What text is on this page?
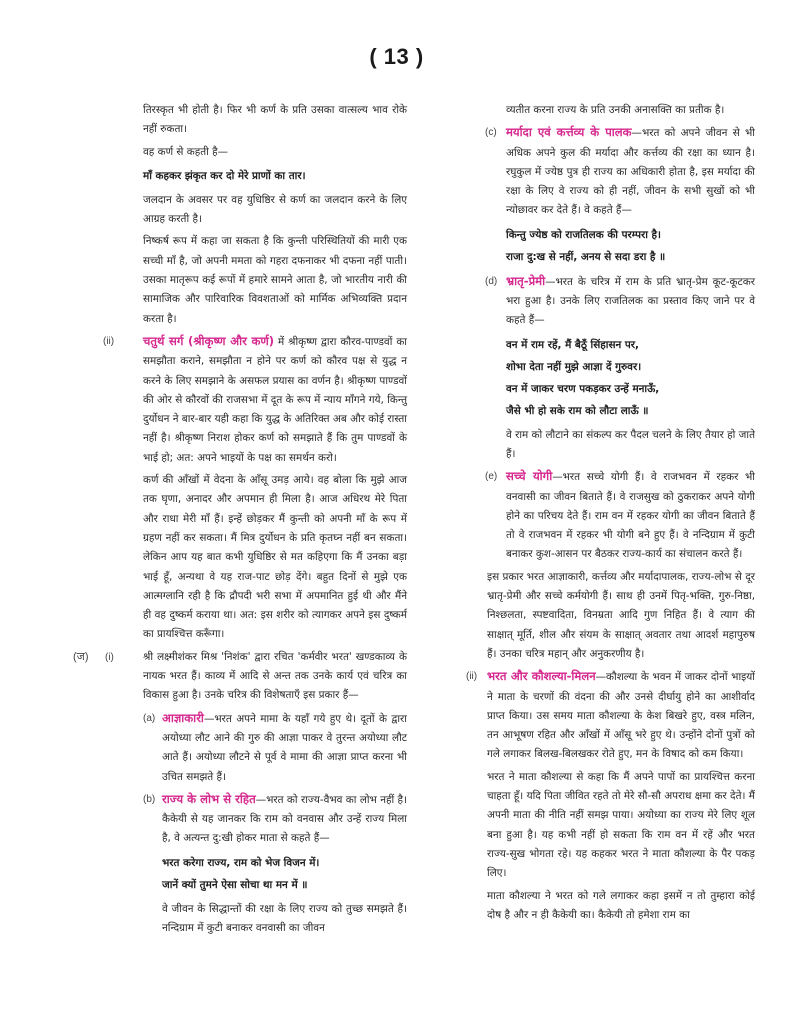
( 13 )

तिरस्कृत भी होती है। फिर भी कर्ण के प्रति उसका वात्सल्य भाव रोके नहीं रुकता।

वह कर्ण से कहती है—

माँ कहकर झंकृत कर दो मेरे प्राणों का तार।

जलदान के अवसर पर वह युधिष्ठिर से कर्ण का जलदान करने के लिए आग्रह करती है।

निष्कर्ष रूप में कहा जा सकता है कि कुन्ती परिस्थितियों की मारी एक सच्ची माँ है, जो अपनी ममता को गहरा दफनाकर भी दफना नहीं पाती। उसका मातृरूप कई रूपों में हमारे सामने आता है, जो भारतीय नारी की सामाजिक और पारिवारिक विवशताओं को मार्मिक अभिव्यक्ति प्रदान करता है।

(ii) चतुर्थ सर्ग (श्रीकृष्ण और कर्ण) में श्रीकृष्ण द्वारा कौरव-पाण्डवों का समझौता कराने, समझौता न होने पर कर्ण को कौरव पक्ष से युद्ध न करने के लिए समझाने के असफल प्रयास का वर्णन है। श्रीकृष्ण पाण्डवों की ओर से कौरवों की राजसभा में दूत के रूप में न्याय माँगने गये, किन्तु दुर्योधन ने बार-बार यही कहा कि युद्ध के अतिरिक्त अब और कोई रास्ता नहीं है। श्रीकृष्ण निराश होकर कर्ण को समझाते हैं कि तुम पाण्डवों के भाई हो; अत: अपने भाइयों के पक्ष का समर्थन करो।

कर्ण की आँखों में वेदना के आँसू उमड़ आये। वह बोला कि मुझे आज तक घृणा, अनादर और अपमान ही मिला है। आज अधिरथ मेरे पिता और राधा मेरी माँ हैं। इन्हें छोड़कर मैं कुन्ती को अपनी माँ के रूप में ग्रहण नहीं कर सकता। मैं मित्र दुर्योधन के प्रति कृतघ्न नहीं बन सकता। लेकिन आप यह बात कभी युधिष्ठिर से मत कहिएगा कि मैं उनका बड़ा भाई हूँ, अन्यथा वे यह राज-पाट छोड़ देंगे। बहुत दिनों से मुझे एक आत्मग्लानि रही है कि द्रौपदी भरी सभा में अपमानित हुई थी और मैंने ही वह दुष्कर्म कराया था। अत: इस शरीर को त्यागकर अपने इस दुष्कर्म का प्रायश्चित्त करूँगा।

(ज) (i)	श्री लक्ष्मीशंकर मिश्र 'निशंक' द्वारा रचित 'कर्मवीर भरत' खण्डकाव्य के नायक भरत हैं। काव्य में आदि से अन्त तक उनके कार्य एवं चरित्र का विकास हुआ है। उनके चरित्र की विशेषताएँ इस प्रकार हैं—

(a) आज्ञाकारी—भरत अपने मामा के यहाँ गये हुए थे। दूतों के द्वारा अयोध्या लौट आने की गुरु की आज्ञा पाकर वे तुरन्त अयोध्या लौट आते हैं। अयोध्या लौटने से पूर्व वे मामा की आज्ञा प्राप्त करना भी उचित समझते हैं।

(b) राज्य के लोभ से रहित—भरत को राज्य-वैभव का लोभ नहीं है। कैकेयी से यह जानकर कि राम को वनवास और उन्हें राज्य मिला है, वे अत्यन्त दु:खी होकर माता से कहते हैं—

भरत करेगा राज्य, राम को भेज विजन में।
जानें क्यों तुमने ऐसा सोचा था मन में ॥

वे जीवन के सिद्धान्तों की रक्षा के लिए राज्य को तुच्छ समझते हैं। नन्दिग्राम में कुटी बनाकर वनवासी का जीवन

व्यतीत करना राज्य के प्रति उनकी अनासक्ति का प्रतीक है।

(c) मर्यादा एवं कर्त्तव्य के पालक—भरत को अपने जीवन से भी अधिक अपने कुल की मर्यादा और कर्त्तव्य की रक्षा का ध्यान है। रघुकुल में ज्येष्ठ पुत्र ही राज्य का अधिकारी होता है, इस मर्यादा की रक्षा के लिए वे राज्य को ही नहीं, जीवन के सभी सुखों को भी न्योछावर कर देते हैं। वे कहते हैं—

किन्तु ज्येष्ठ को राजतिलक की परम्परा है।
राजा दु:ख से नहीं, अनय से सदा डरा है ॥
(d) भ्रातृ-प्रेमी—भरत के चरित्र में राम के प्रति भ्रातृ-प्रेम कूट-कूटकर भरा हुआ है। उनके लिए राजतिलक का प्रस्ताव किए जाने पर वे कहते हैं—

वन में राम रहें, मैं बैठूँ सिंहासन पर,
शोभा देता नहीं मुझे आज्ञा दें गुरुवर।
वन में जाकर चरण पकड़कर उन्हें मनाऊँ,
जैसे भी हो सके राम को लौटा लाऊँ ॥

वे राम को लौटाने का संकल्प कर पैदल चलने के लिए तैयार हो जाते हैं।

(e) सच्चे योगी—भरत सच्चे योगी हैं। वे राजभवन में रहकर भी वनवासी का जीवन बिताते हैं। वे राजसुख को ठुकराकर अपने योगी होने का परिचय देते हैं। राम वन में रहकर योगी का जीवन बिताते हैं तो वे राजभवन में रहकर भी योगी बने हुए हैं। वे नन्दिग्राम में कुटी बनाकर कुश-आसन पर बैठकर राज्य-कार्य का संचालन करते हैं।

इस प्रकार भरत आज्ञाकारी, कर्त्तव्य और मर्यादापालक, राज्य-लोभ से दूर भ्रातृ-प्रेमी और सच्चे कर्मयोगी हैं। साथ ही उनमें पितृ-भक्ति, गुरु-निष्ठा, निश्छलता, स्पष्टवादिता, विनम्रता आदि गुण निहित हैं। वे त्याग की साक्षात् मूर्ति, शील और संयम के साक्षात् अवतार तथा आदर्श महापुरुष हैं। उनका चरित्र महान् और अनुकरणीय है।

(ii) भरत और कौशल्या-मिलन—कौशल्या के भवन में जाकर दोनों भाइयों ने माता के चरणों की वंदना की और उनसे दीर्घायु होने का आशीर्वाद प्राप्त किया। उस समय माता कौशल्या के केश बिखरे हुए, वस्त्र मलिन, तन आभूषण रहित और आँखों में आँसू भरे हुए थे। उन्होंने दोनों पुत्रों को गले लगाकर बिलख-बिलखकर रोते हुए, मन के विषाद को कम किया।

भरत ने माता कौशल्या से कहा कि मैं अपने पापों का प्रायश्चित्त करना चाहता हूँ। यदि पिता जीवित रहते तो मेरे सौ-सौ अपराध क्षमा कर देते। मैं अपनी माता की नीति नहीं समझ पाया। अयोध्या का राज्य मेरे लिए शूल बना हुआ है। यह कभी नहीं हो सकता कि राम वन में रहें और भरत राज्य-सुख भोगता रहे। यह कहकर भरत ने माता कौशल्या के पैर पकड़ लिए।

माता कौशल्या ने भरत को गले लगाकर कहा इसमें न तो तुम्हारा कोई दोष है और न ही कैकेयी का। कैकेयी तो हमेशा राम का
